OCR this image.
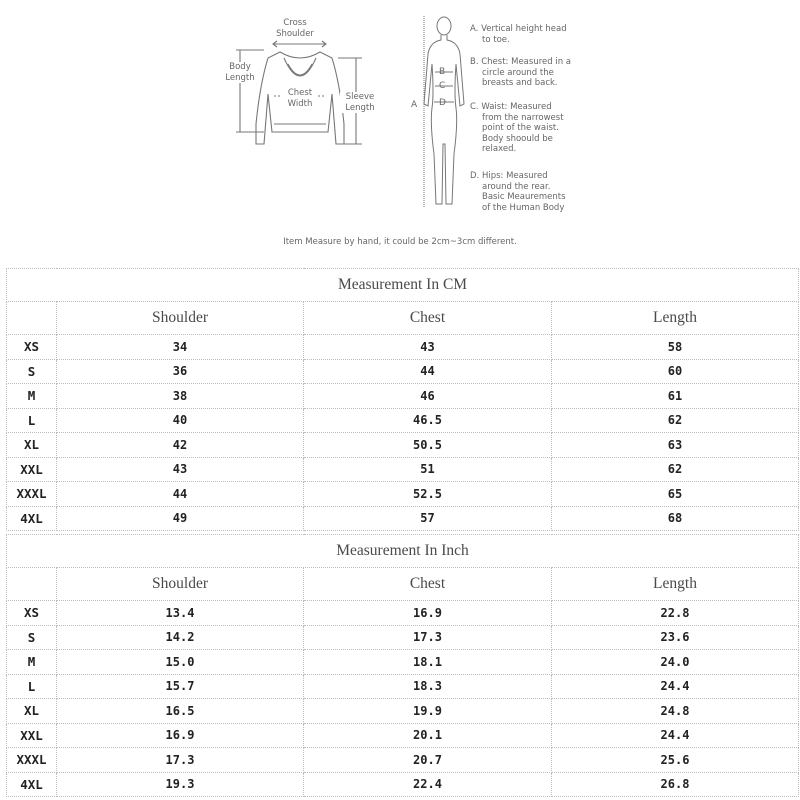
Cross
Shoulder
Body
Length
Chest
Width
Sleeve
Length	A
B
C
D
A. Vertical height head
to toe.
B. Chest: Measured in a
circle around the
breasts and back.
C. Waist: Measured
from the narrowest
point of the waist.
Body shoould be
relaxed.
D. Hips: Measured
around the rear.
Basic Meaurements
of the Human Body
Item Measure by hand, it could be 2cm~3cm different.
Measurement In CM			
	Shoulder	Chest	Length
XS	34	43	58
S	36	44	60
M	38	46	61
L	40	46.5	62
XL	42	50.5	63
XXL	43	51	62
XXXL	44	52.5	65
4XL	49	57	68
Measurement In Inch			
	Shoulder	Chest	Length
XS	13.4	16.9	22.8
S	14.2	17.3	23.6
M	15.0	18.1	24.0
L	15.7	18.3	24.4
XL	16.5	19.9	24.8
XXL	16.9	20.1	24.4
XXXL	17.3	20.7	25.6
4XL	19.3	22.4	26.8
